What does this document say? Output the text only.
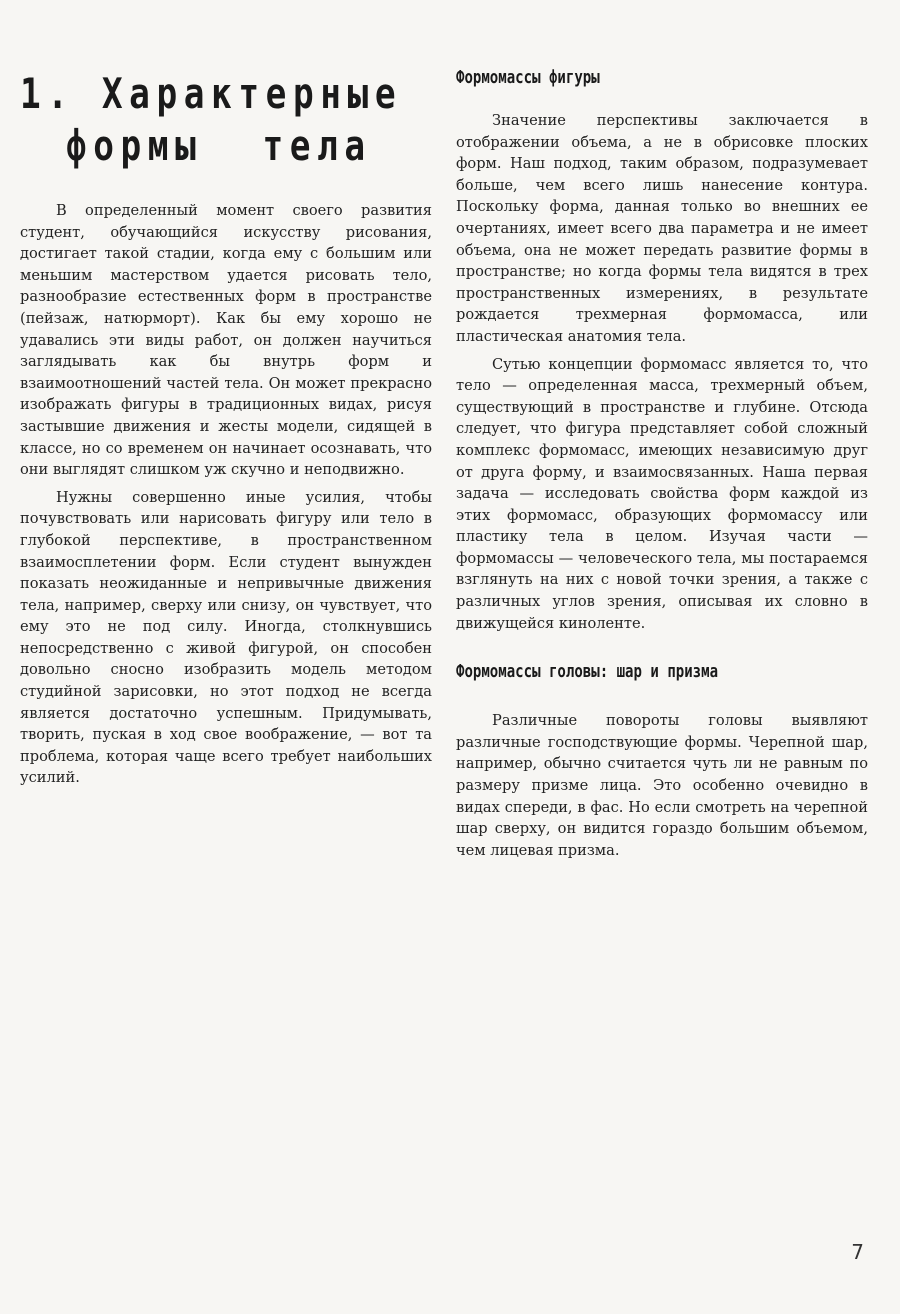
1. Характерные
формы тела

В определенный момент своего развития студент, обучающийся искусству рисования, достигает такой стадии, когда ему с большим или меньшим мастерством удается рисовать тело, разнообразие естественных форм в пространстве (пейзаж, натюрморт). Как бы ему хорошо не удавались эти виды работ, он должен научиться заглядывать как бы внутрь форм и взаимоотношений частей тела. Он может прекрасно изображать фигуры в традиционных видах, рисуя застывшие движения и жесты модели, сидящей в классе, но со временем он начинает осознавать, что они выглядят слишком уж скучно и неподвижно.

Нужны совершенно иные усилия, чтобы почувствовать или нарисовать фигуру или тело в глубокой перспективе, в пространственном взаимосплетении форм. Если студент вынужден показать неожиданные и непривычные движения тела, например, сверху или снизу, он чувствует, что ему это не под силу. Иногда, столкнувшись непосредственно с живой фигурой, он способен довольно сносно изобразить модель методом студийной зарисовки, но этот подход не всегда является достаточно успешным. Придумывать, творить, пуская в ход свое воображение, — вот та проблема, которая чаще всего требует наибольших усилий.

Формомассы фигуры

Значение перспективы заключается в отображении объема, а не в обрисовке плоских форм. Наш подход, таким образом, подразумевает больше, чем всего лишь нанесение контура. Поскольку форма, данная только во внешних ее очертаниях, имеет всего два параметра и не имеет объема, она не может передать развитие формы в пространстве; но когда формы тела видятся в трех пространственных измерениях, в результате рождается трехмерная формомасса, или пластическая анатомия тела.

Сутью концепции формомасс является то, что тело — определенная масса, трехмерный объем, существующий в пространстве и глубине. Отсюда следует, что фигура представляет собой сложный комплекс формомасс, имеющих независимую друг от друга форму, и взаимосвязанных. Наша первая задача — исследовать свойства форм каждой из этих формомасс, образующих формомассу или пластику тела в целом. Изучая части — формомассы — человеческого тела, мы постараемся взглянуть на них с новой точки зрения, а также с различных углов зрения, описывая их словно в движущейся киноленте.

Формомассы головы: шар и призма

Различные повороты головы выявляют различные господствующие формы. Черепной шар, например, обычно считается чуть ли не равным по размеру призме лица. Это особенно очевидно в видах спереди, в фас. Но если смотреть на черепной шар сверху, он видится гораздо большим объемом, чем лицевая призма.

7
